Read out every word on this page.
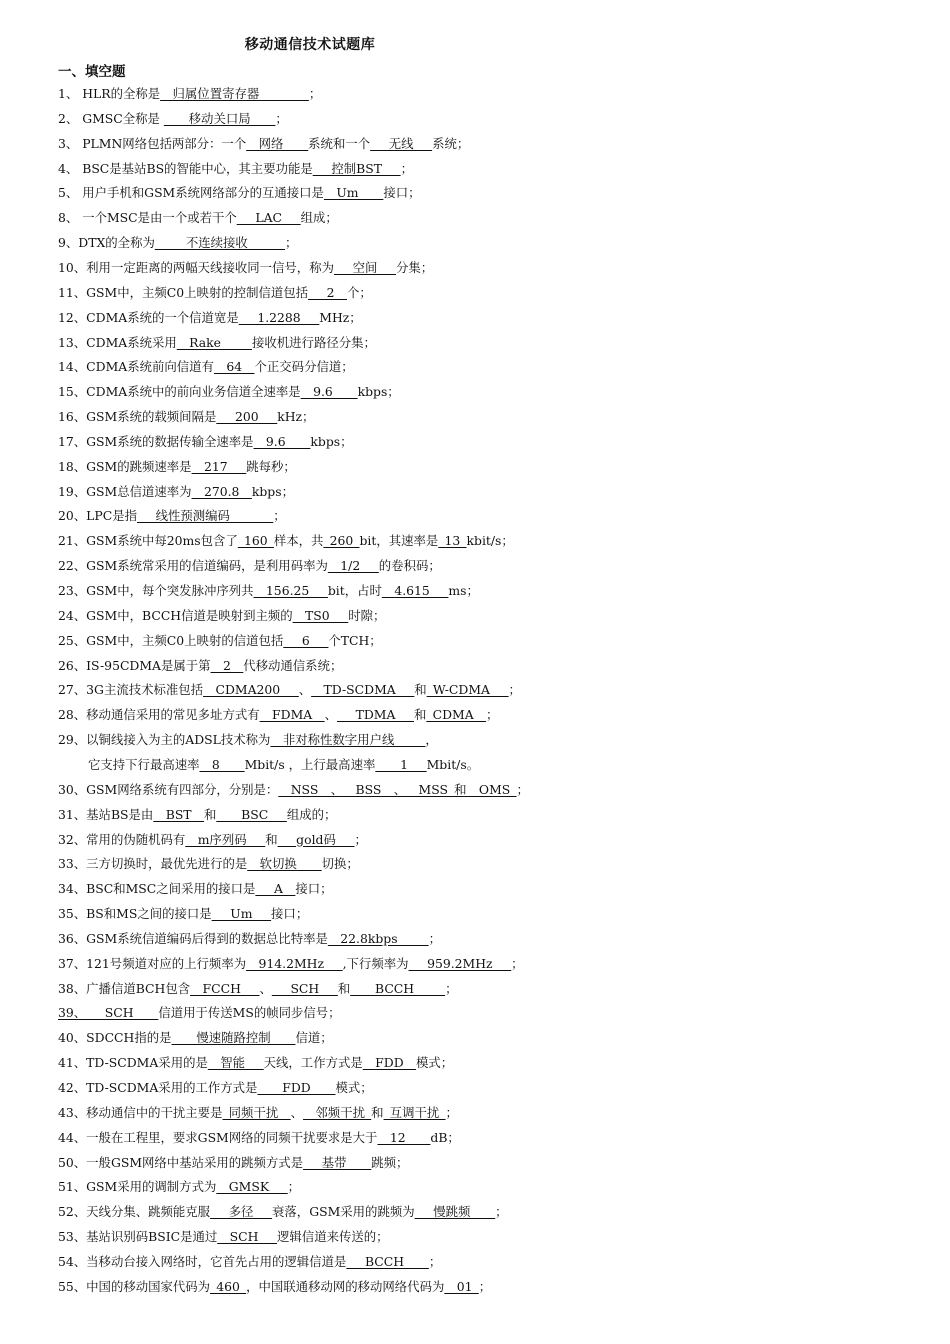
移动通信技术试题库
一、填空题
1、 HLR的全称是__归属位置寄存器________；
2、 GMSC全称是 ____移动关口局____；
3、 PLMN网络包括两部分：一个__网络____系统和一个___无线___系统；
4、 BSC是基站BS的智能中心，其主要功能是___控制BST___；
5、 用户手机和GSM系统网络部分的互通接口是__Um____接口；
8、 一个MSC是由一个或若干个___LAC___组成；
9、DTX的全称为_____不连续接收______；
10、利用一定距离的两幅天线接收同一信号，称为___空间___分集；
11、GSM中，主频C0上映射的控制信道包括___2__个；
12、CDMA系统的一个信道宽是___1.2288___MHz；
13、CDMA系统采用__Rake_____接收机进行路径分集；
14、CDMA系统前向信道有__64__个正交码分信道；
15、CDMA系统中的前向业务信道全速率是__9.6____kbps；
16、GSM系统的载频间隔是___200___kHz；
17、GSM系统的数据传输全速率是__9.6____kbps；
18、GSM的跳频速率是__217___跳每秒；
19、GSM总信道速率为__270.8__kbps；
20、LPC是指___线性预测编码_______；
21、GSM系统中每20ms包含了_160_样本，共_260_bit，其速率是_13_kbit/s；
22、GSM系统常采用的信道编码，是利用码率为__1/2___的卷积码；
23、GSM中，每个突发脉冲序列共__156.25___bit，占时__4.615___ms；
24、GSM中，BCCH信道是映射到主频的__TS0___时隙；
25、GSM中，主频C0上映射的信道包括___6___个TCH；
26、IS-95CDMA是属于第__2__代移动通信系统；
27、3G主流技术标准包括__CDMA200___、__TD-SCDMA___和_W-CDMA___；
28、移动通信采用的常见多址方式有__FDMA__、___TDMA___和_CDMA__；
29、以铜线接入为主的ADSL技术称为__非对称性数字用户线_____，
它支持下行最高速率__8____Mbit/s ，上行最高速率____1___Mbit/s。
30、GSM网络系统有四部分，分别是：__NSS__、__BSS__、__MSS_和__OMS_；
31、基站BS是由__BST__和____BSC___组成的；
32、常用的伪随机码有__m序列码___和___gold码___；
33、三方切换时，最优先进行的是__软切换____切换；
34、BSC和MSC之间采用的接口是___A__接口；
35、BS和MS之间的接口是___Um___接口；
36、GSM系统信道编码后得到的数据总比特率是__22.8kbps_____；
37、121号频道对应的上行频率为__914.2MHz___,下行频率为___959.2MHz___；
38、广播信道BCH包含__FCCH___、___SCH___和____BCCH_____；
39、___SCH____信道用于传送MS的帧同步信号；
40、SDCCH指的是____慢速随路控制____信道；
41、TD-SCDMA采用的是__智能___天线，工作方式是__FDD__模式；
42、TD-SCDMA采用的工作方式是____FDD____模式；
43、移动通信中的干扰主要是_同频干扰__、__邻频干扰_和_互调干扰_；
44、一般在工程里，要求GSM网络的同频干扰要求是大于__12____dB；
50、一般GSM网络中基站采用的跳频方式是___基带____跳频；
51、GSM采用的调制方式为__GMSK___；
52、天线分集、跳频能克服___多径___衰落，GSM采用的跳频为___慢跳频____；
53、基站识别码BSIC是通过__SCH___逻辑信道来传送的；
54、当移动台接入网络时，它首先占用的逻辑信道是___BCCH____；
55、中国的移动国家代码为_460_，中国联通移动网的移动网络代码为__01_；
